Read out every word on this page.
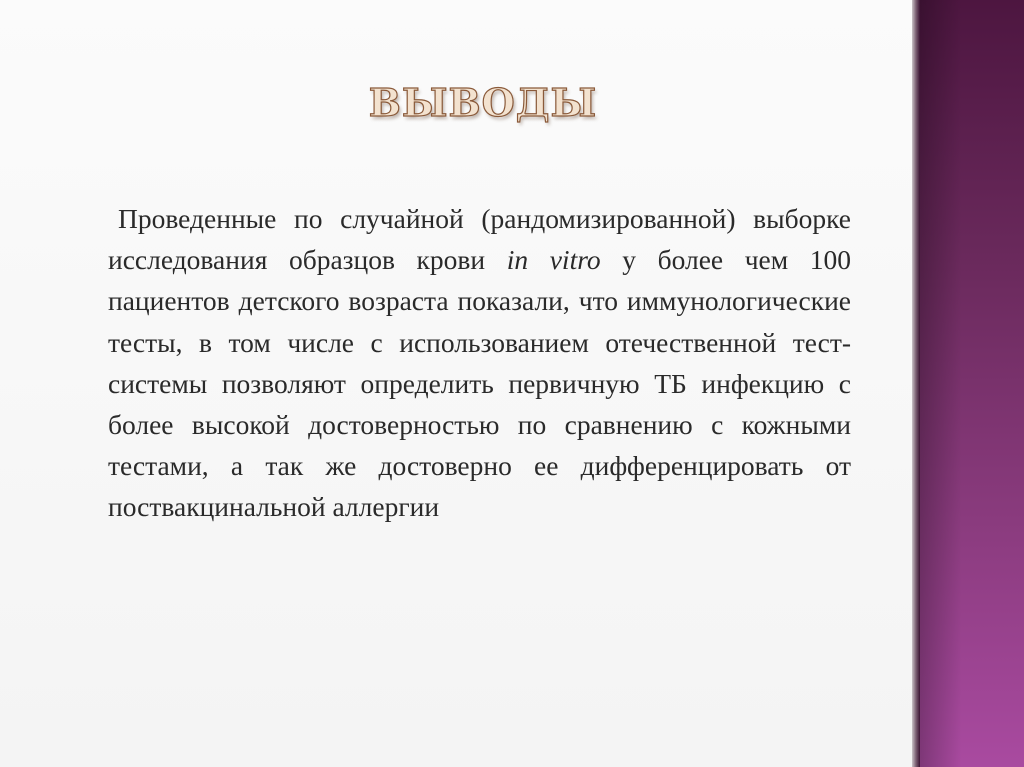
ВЫВОДЫ

Проведенные по случайной (рандомизированной) выборке исследования образцов крови in vitro у более чем 100 пациентов детского возраста показали, что иммунологические тесты, в том числе с использованием отечественной тест-системы позволяют определить первичную ТБ инфекцию с более высокой достоверностью по сравнению с кожными тестами, а так же достоверно ее дифференцировать от поствакцинальной аллергии
